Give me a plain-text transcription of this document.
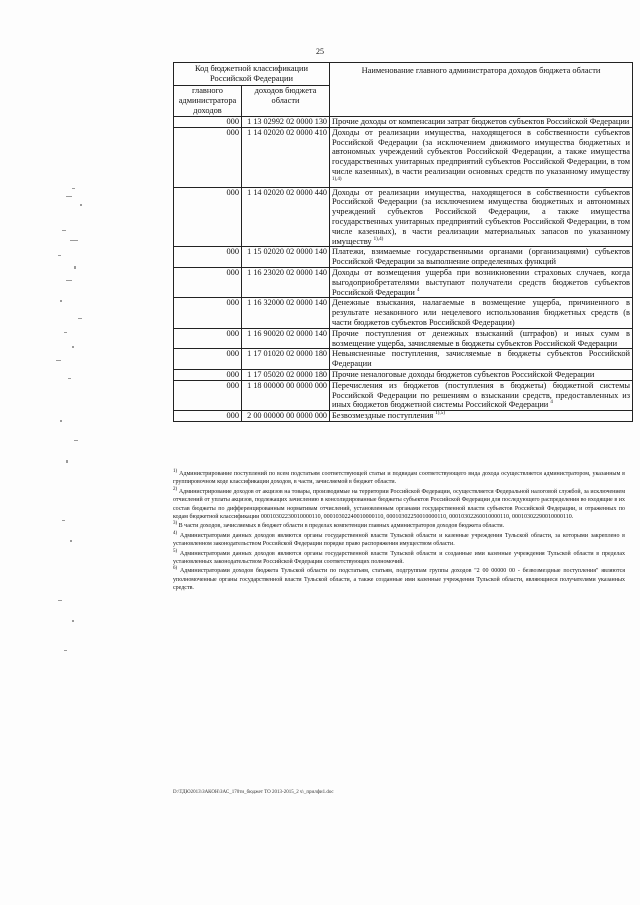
25
Код бюджетной классификации Российской Федерации		Наименование главного администратора доходов бюджета области
главного администратора доходов	доходов бюджета области	
000	1 13 02992 02 0000 130	Прочие доходы от компенсации затрат бюджетов субъектов Российской Федерации
000	1 14 02020 02 0000 410	Доходы от реализации имущества, находящегося в собственности субъектов Российской Федерации (за исключением движимого имущества бюджетных и автономных учреждений субъектов Российской Федерации, а также имущества государственных унитарных предприятий субъектов Российской Федерации, в том числе казенных), в части реализации основных средств по указанному имуществу $^{1),4)}$
000	1 14 02020 02 0000 440	Доходы от реализации имущества, находящегося в собственности субъектов Российской Федерации (за исключением имущества бюджетных и автономных учреждений субъектов Российской Федерации, а также имущества государственных унитарных предприятий субъектов Российской Федерации, в том числе казенных), в части реализации материальных запасов по указанному имуществу $^{1),4)}$
000	1 15 02020 02 0000 140	Платежи, взимаемые государственными органами (организациями) субъектов Российской Федерации за выполнение определенных функций
000	1 16 23020 02 0000 140	Доходы от возмещения ущерба при возникновении страховых случаев, когда выгодоприобретателями выступают получатели средств бюджетов субъектов Российской Федерации $^4$
000	1 16 32000 02 0000 140	Денежные взыскания, налагаемые в возмещение ущерба, причиненного в результате незаконного или нецелевого использования бюджетных средств (в части бюджетов субъектов Российской Федерации)
000	1 16 90020 02 0000 140	Прочие поступления от денежных взысканий (штрафов) и иных сумм в возмещение ущерба, зачисляемые в бюджеты субъектов Российской Федерации
000	1 17 01020 02 0000 180	Невыясненные поступления, зачисляемые в бюджеты субъектов Российской Федерации
000	1 17 05020 02 0000 180	Прочие неналоговые доходы бюджетов субъектов Российской Федерации
000	1 18 00000 00 0000 000	Перечисления из бюджетов (поступления в бюджеты) бюджетной системы Российской Федерации по решениям о взыскании средств, предоставленных из иных бюджетов бюджетной системы Российской Федерации $^4$
000	2 00 00000 00 0000 000	Безвозмездные поступления $^{1),5)}$

$^{1)}$ Администрирование поступлений по всем подстатьям соответствующей статьи и подвидам соответствующего вида дохода осуществляется администратором, указанным в группировочном коде классификации доходов, в части, зачисляемой в бюджет области.

$^{2)}$ Администрирование доходов от акцизов на товары, производимые на территории Российской Федерации, осуществляется Федеральной налоговой службой, за исключением отчислений от уплаты акцизов, подлежащих зачислению в консолидированные бюджеты субъектов Российской Федерации для последующего распределения во входящие в их состав бюджеты по дифференцированным нормативам отчислений, установленным органами государственной власти субъектов Российской Федерации, и отраженных по кодам бюджетной классификации 00010302230010000110, 00010302240010000110, 00010302250010000110, 00010302260010000110, 00010302290010000110.

$^{3)}$ В части доходов, зачисляемых в бюджет области в пределах компетенции главных администраторов доходов бюджета области.

$^{4)}$ Администраторами данных доходов являются органы государственной власти Тульской области и казенные учреждения Тульской области, за которыми закреплено в установленном законодательством Российской Федерации порядке право распоряжения имуществом области.

$^{5)}$ Администраторами данных доходов являются органы государственной власти Тульской области и созданные ими казенные учреждения Тульской области в пределах установленных законодательством Российской Федерации соответствующих полномочий.

$^{6)}$ Администраторами доходов бюджета Тульской области по подстатьям, статьям, подгруппам группы доходов "2 00 00000 00 - безвозмездные поступления" являются уполномоченные органы государственной власти Тульской области, а также созданные ими казенные учреждения Тульской области, являющиеся получателями указанных средств.

D:\ТДЮ2013\ЗАКОН\ЗАС_170ти_бюджет ТО 2013-2015_2 ч\_прилфи1.doc
